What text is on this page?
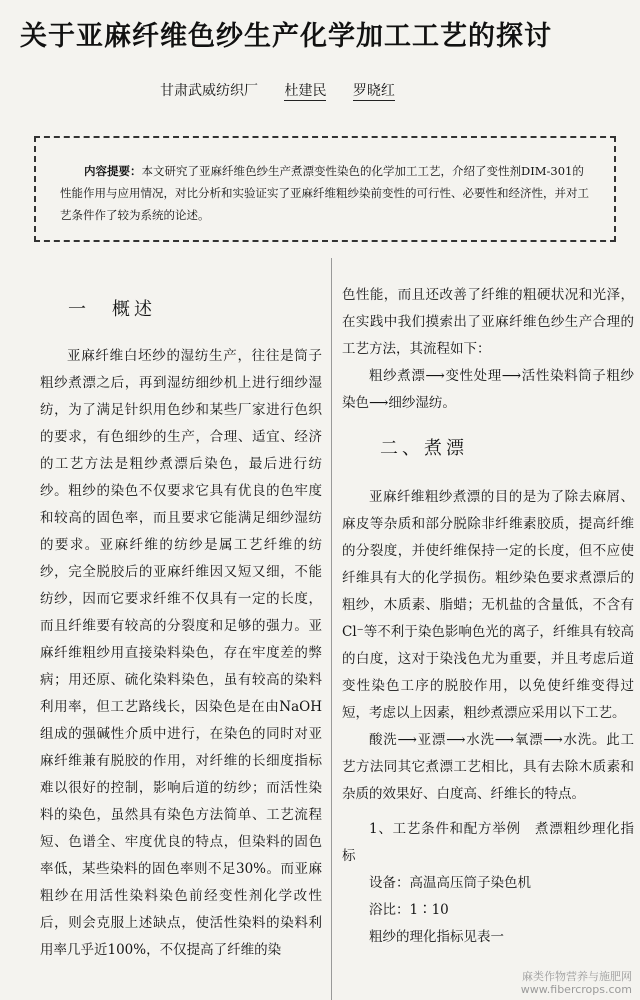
关于亚麻纤维色纱生产化学加工工艺的探讨
甘肃武威纺织厂 杜建民 罗晓红
内容提要：本文研究了亚麻纤维色纱生产煮漂变性染色的化学加工工艺，介绍了变性剂DIM-301的性能作用与应用情况，对比分析和实验证实了亚麻纤维粗纱染前变性的可行性、必要性和经济性，并对工艺条件作了较为系统的论述。
一　概述

亚麻纤维白坯纱的湿纺生产，往往是筒子粗纱煮漂之后，再到湿纺细纱机上进行细纱湿纺，为了满足针织用色纱和某些厂家进行色织的要求，有色细纱的生产，合理、适宜、经济的工艺方法是粗纱煮漂后染色，最后进行纺纱。粗纱的染色不仅要求它具有优良的色牢度和较高的固色率，而且要求它能满足细纱湿纺的要求。亚麻纤维的纺纱是属工艺纤维的纺纱，完全脱胶后的亚麻纤维因又短又细，不能纺纱，因而它要求纤维不仅具有一定的长度，而且纤维要有较高的分裂度和足够的强力。亚麻纤维粗纱用直接染料染色，存在牢度差的弊病；用还原、硫化染料染色，虽有较高的染料利用率，但工艺路线长，因染色是在由NaOH组成的强碱性介质中进行，在染色的同时对亚麻纤维兼有脱胶的作用，对纤维的长细度指标难以很好的控制，影响后道的纺纱；而活性染料的染色，虽然具有染色方法简单、工艺流程短、色谱全、牢度优良的特点，但染料的固色率低，某些染料的固色率则不足30%。而亚麻粗纱在用活性染料染色前经变性剂化学改性后，则会克服上述缺点，使活性染料的染料利用率几乎近100%，不仅提高了纤维的染

色性能，而且还改善了纤维的粗硬状况和光泽，在实践中我们摸索出了亚麻纤维色纱生产合理的工艺方法，其流程如下：

粗纱煮漂⟶变性处理⟶活性染料筒子粗纱染色⟶细纱湿纺。

二、煮漂

亚麻纤维粗纱煮漂的目的是为了除去麻屑、麻皮等杂质和部分脱除非纤维素胶质，提高纤维的分裂度，并使纤维保持一定的长度，但不应使纤维具有大的化学损伤。粗纱染色要求煮漂后的粗纱，木质素、脂蜡；无机盐的含量低，不含有Cl⁻等不利于染色影响色光的离子，纤维具有较高的白度，这对于染浅色尤为重要，并且考虑后道变性染色工序的脱胶作用，以免使纤维变得过短，考虑以上因素，粗纱煮漂应采用以下工艺。

酸洗⟶亚漂⟶水洗⟶氧漂⟶水洗。此工艺方法同其它煮漂工艺相比，具有去除木质素和杂质的效果好、白度高、纤维长的特点。

1、工艺条件和配方举例　煮漂粗纱理化指标

设备：高温高压筒子染色机

浴比：1∶10

粗纱的理化指标见表一

麻类作物营养与施肥网
www.fibercrops.com
